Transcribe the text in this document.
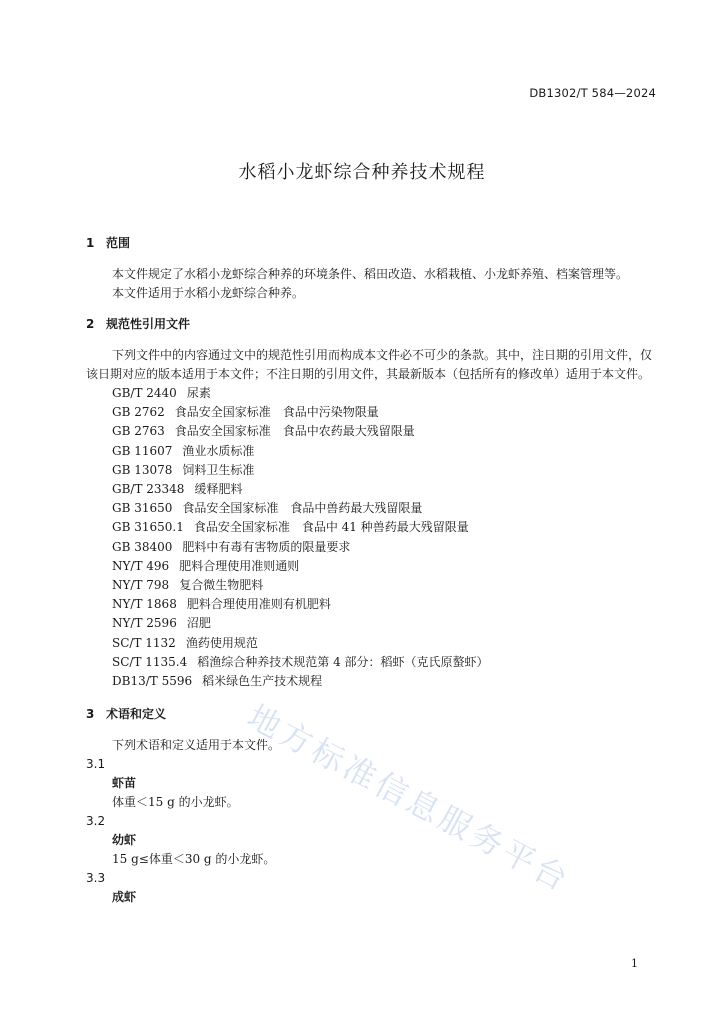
DB1302/T 584—2024
水稻小龙虾综合种养技术规程
1 范围

本文件规定了水稻小龙虾综合种养的环境条件、稻田改造、水稻栽植、小龙虾养殖、档案管理等。

本文件适用于水稻小龙虾综合种养。

2 规范性引用文件

下列文件中的内容通过文中的规范性引用而构成本文件必不可少的条款。其中，注日期的引用文件，仅该日期对应的版本适用于本文件；不注日期的引用文件，其最新版本（包括所有的修改单）适用于本文件。

GB/T 2440 尿素

GB 2762 食品安全国家标准　食品中污染物限量

GB 2763 食品安全国家标准　食品中农药最大残留限量

GB 11607 渔业水质标准

GB 13078 饲料卫生标准

GB/T 23348 缓释肥料

GB 31650 食品安全国家标准　食品中兽药最大残留限量

GB 31650.1 食品安全国家标准　食品中 41 种兽药最大残留限量

GB 38400 肥料中有毒有害物质的限量要求

NY/T 496 肥料合理使用准则通则

NY/T 798 复合微生物肥料

NY/T 1868 肥料合理使用准则有机肥料

NY/T 2596 沼肥

SC/T 1132 渔药使用规范

SC/T 1135.4 稻渔综合种养技术规范第 4 部分：稻虾（克氏原螯虾）

DB13/T 5596 稻米绿色生产技术规程

3 术语和定义

下列术语和定义适用于本文件。

3.1

虾苗

体重＜15 g 的小龙虾。

3.2

幼虾

15 g≤体重＜30 g 的小龙虾。

3.3

成虾	地方标准信息服务平台
1
